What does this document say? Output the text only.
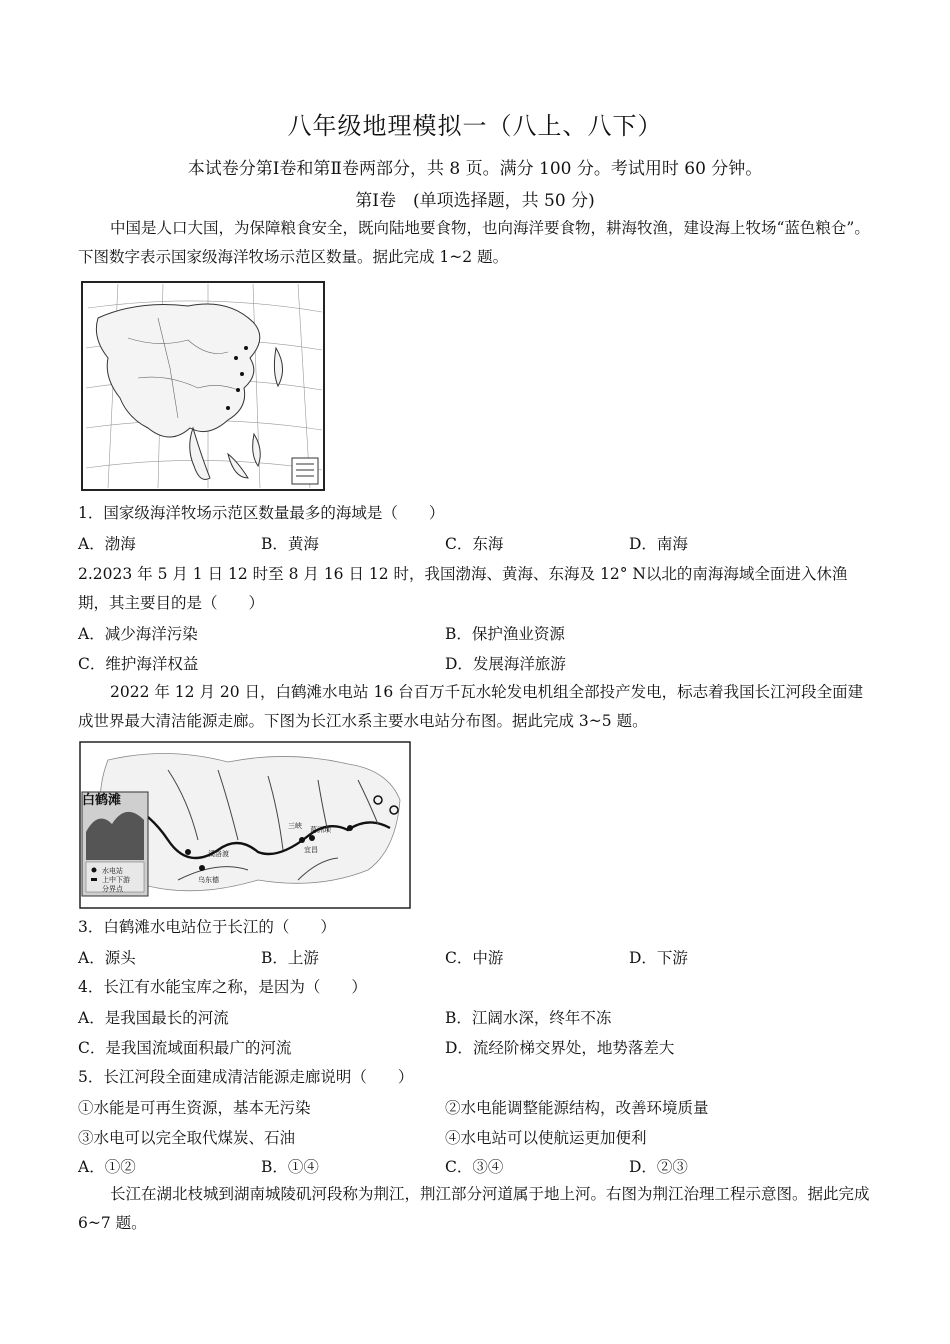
八年级地理模拟一（八上、八下）
本试卷分第Ⅰ卷和第Ⅱ卷两部分，共 8 页。满分 100 分。考试用时 60 分钟。
第Ⅰ卷　(单项选择题，共 50 分)
中国是人口大国，为保障粮食安全，既向陆地要食物，也向海洋要食物，耕海牧渔，建设海上牧场“蓝色粮仓”。下图数字表示国家级海洋牧场示范区数量。据此完成 1~2 题。
1．国家级海洋牧场示范区数量最多的海域是（　　）
A．渤海	B．黄海	C．东海	D．南海
2.2023 年 5 月 1 日 12 时至 8 月 16 日 12 时，我国渤海、黄海、东海及 12° N以北的南海海域全面进入休渔期，其主要目的是（　　）
A．减少海洋污染	B．保护渔业资源
C．维护海洋权益	D．发展海洋旅游
2022 年 12 月 20 日，白鹤滩水电站 16 台百万千瓦水轮发电机组全部投产发电，标志着我国长江河段全面建成世界最大清洁能源走廊。下图为长江水系主要水电站分布图。据此完成 3~5 题。
水电站
上中下游
分界点
白鹤滩
三峡 葛洲坝
宜昌
溪洛渡
乌东德
3．白鹤滩水电站位于长江的（　　）
A．源头	B．上游	C．中游	D．下游
4．长江有水能宝库之称，是因为（　　）
A．是我国最长的河流	B．江阔水深，终年不冻
C．是我国流域面积最广的河流	D．流经阶梯交界处，地势落差大
5．长江河段全面建成清洁能源走廊说明（　　）
①水能是可再生资源，基本无污染	②水电能调整能源结构，改善环境质量
③水电可以完全取代煤炭、石油	④水电站可以使航运更加便利
A．①②	B．①④	C．③④	D．②③
长江在湖北枝城到湖南城陵矶河段称为荆江，荆江部分河道属于地上河。右图为荆江治理工程示意图。据此完成 6~7 题。
